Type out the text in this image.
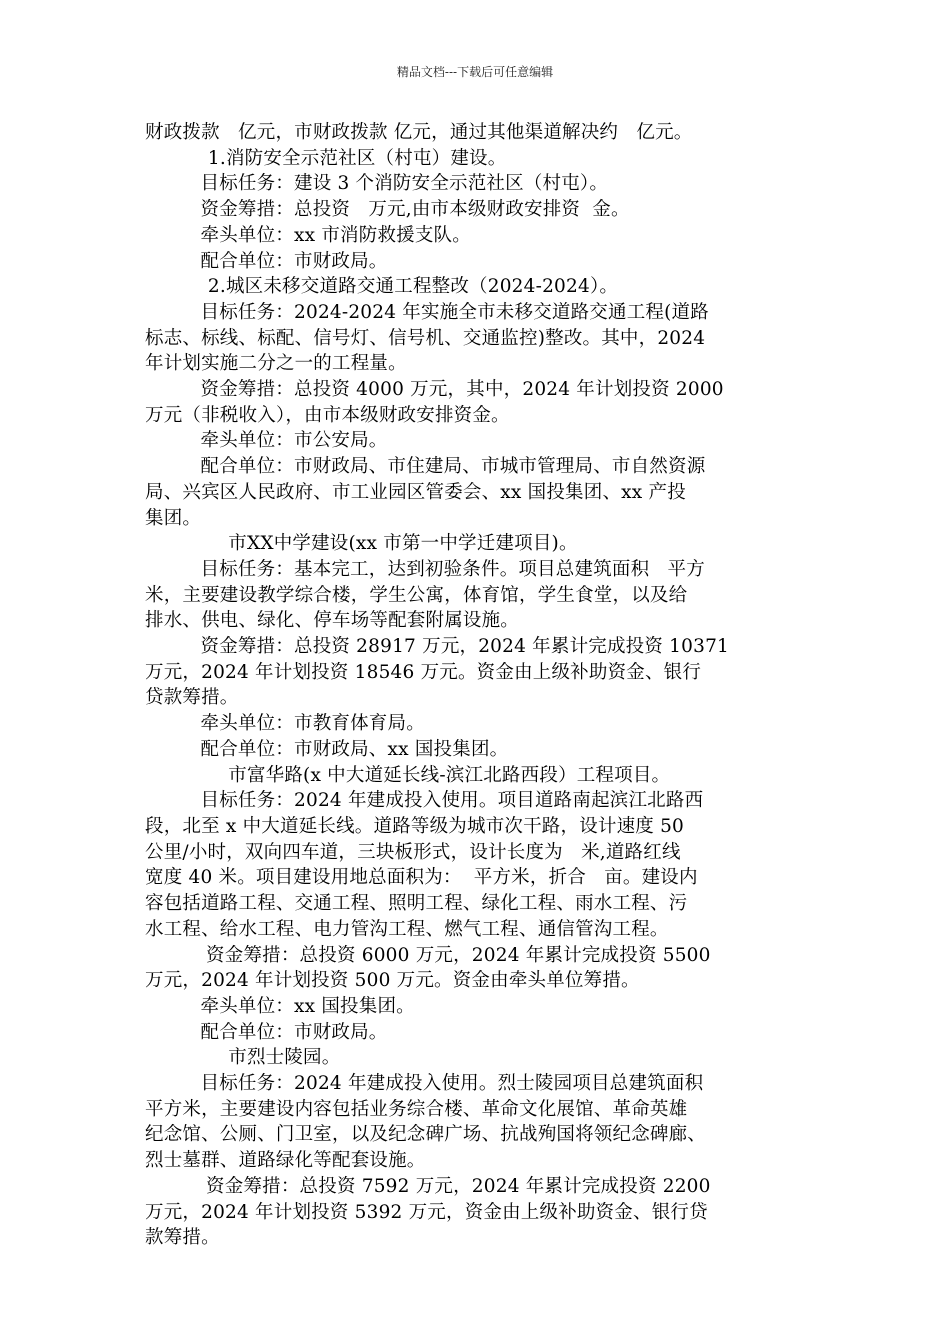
精品文档---下载后可任意编辑
财政拨款   亿元，市财政拨款 亿元，通过其他渠道解决约   亿元。
1.消防安全示范社区（村屯）建设。
目标任务：建设 3 个消防安全示范社区（村屯）。
资金筹措：总投资   万元,由市本级财政安排资  金。
牵头单位：xx 市消防救援支队。
配合单位：市财政局。
2.城区未移交道路交通工程整改（2024-2024）。
目标任务：2024-2024 年实施全市未移交道路交通工程(道路
标志、标线、标配、信号灯、信号机、交通监控)整改。其中，2024
年计划实施二分之一的工程量。
资金筹措：总投资 4000 万元，其中，2024 年计划投资 2000
万元（非税收入），由市本级财政安排资金。
牵头单位：市公安局。
配合单位：市财政局、市住建局、市城市管理局、市自然资源
局、兴宾区人民政府、市工业园区管委会、xx 国投集团、xx 产投
集团。
市XX中学建设(xx 市第一中学迁建项目)。
目标任务：基本完工，达到初验条件。项目总建筑面积   平方
米，主要建设教学综合楼，学生公寓，体育馆，学生食堂，以及给
排水、供电、绿化、停车场等配套附属设施。
资金筹措：总投资 28917 万元，2024 年累计完成投资 10371
万元，2024 年计划投资 18546 万元。资金由上级补助资金、银行
贷款筹措。
牵头单位：市教育体育局。
配合单位：市财政局、xx 国投集团。
市富华路(x 中大道延长线-滨江北路西段）工程项目。
目标任务：2024 年建成投入使用。项目道路南起滨江北路西
段，北至 x 中大道延长线。道路等级为城市次干路，设计速度 50
公里/小时，双向四车道，三块板形式，设计长度为   米,道路红线
宽度 40 米。项目建设用地总面积为：  平方米，折合   亩。建设内
容包括道路工程、交通工程、照明工程、绿化工程、雨水工程、污
水工程、给水工程、电力管沟工程、燃气工程、通信管沟工程。
资金筹措：总投资 6000 万元，2024 年累计完成投资 5500
万元，2024 年计划投资 500 万元。资金由牵头单位筹措。
牵头单位：xx 国投集团。
配合单位：市财政局。
市烈士陵园。
目标任务：2024 年建成投入使用。烈士陵园项目总建筑面积
平方米，主要建设内容包括业务综合楼、革命文化展馆、革命英雄
纪念馆、公厕、门卫室，以及纪念碑广场、抗战殉国将领纪念碑廊、
烈士墓群、道路绿化等配套设施。
资金筹措：总投资 7592 万元，2024 年累计完成投资 2200
万元，2024 年计划投资 5392 万元，资金由上级补助资金、银行贷
款筹措。
